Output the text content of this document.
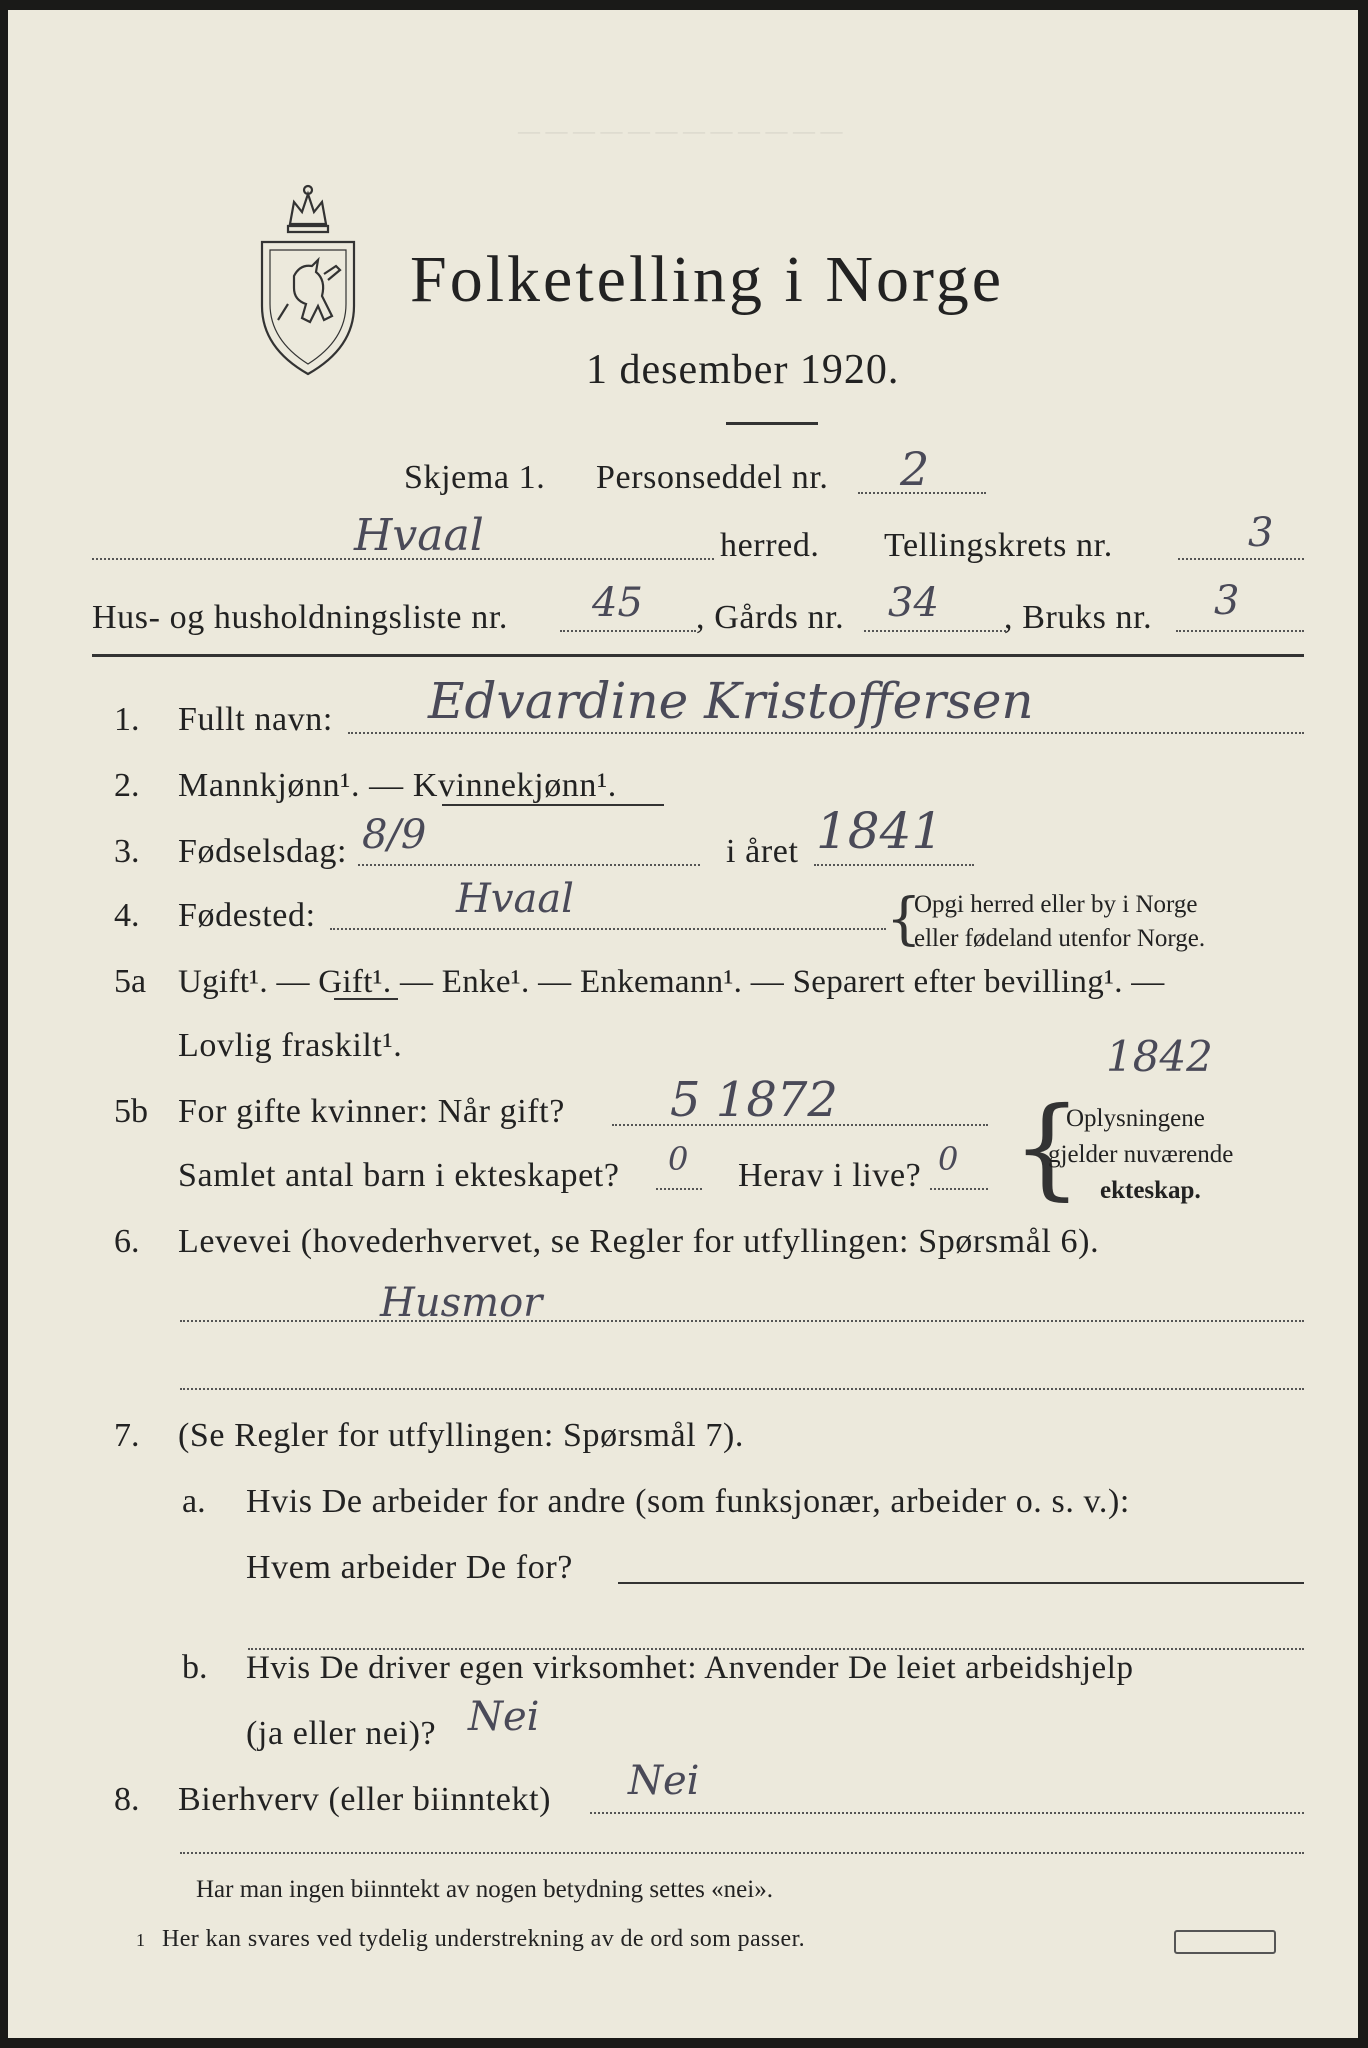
— — — — — — — — — — — —
Folketelling i Norge
1 desember 1920.
Skjema 1. Personseddel nr. 2
Hvaal	herred. Tellingskrets nr.	3
Hus- og husholdningsliste nr. 45 , Gårds nr. 34 , Bruks nr. 3
1. Fullt navn: Edvardine Kristoffersen
2. Mannkjønn¹. — Kvinnekjønn¹.
3. Fødselsdag: 8/9	i året 1841
4. Fødested:	Hvaal	{
Opgi herred eller by i Norge
eller fødeland utenfor Norge.
5a Ugift¹. — Gift¹. — Enke¹. — Enkemann¹. — Separert efter bevilling¹. —
Lovlig fraskilt¹.
5b For gifte kvinner: Når gift? 5 1872
1842
Samlet antal barn i ekteskapet? 0 Herav i live? 0 {
Oplysningene
gjelder nuværende
ekteskap.
6. Levevei (hovederhvervet, se Regler for utfyllingen: Spørsmål 6).
Husmor
7. (Se Regler for utfyllingen: Spørsmål 7).
a. Hvis De arbeider for andre (som funksjonær, arbeider o. s. v.):
Hvem arbeider De for?
b. Hvis De driver egen virksomhet: Anvender De leiet arbeidshjelp
(ja eller nei)? Nei
8. Bierhverv (eller biinntekt) Nei
Har man ingen biinntekt av nogen betydning settes «nei».
1 Her kan svares ved tydelig understrekning av de ord som passer.
